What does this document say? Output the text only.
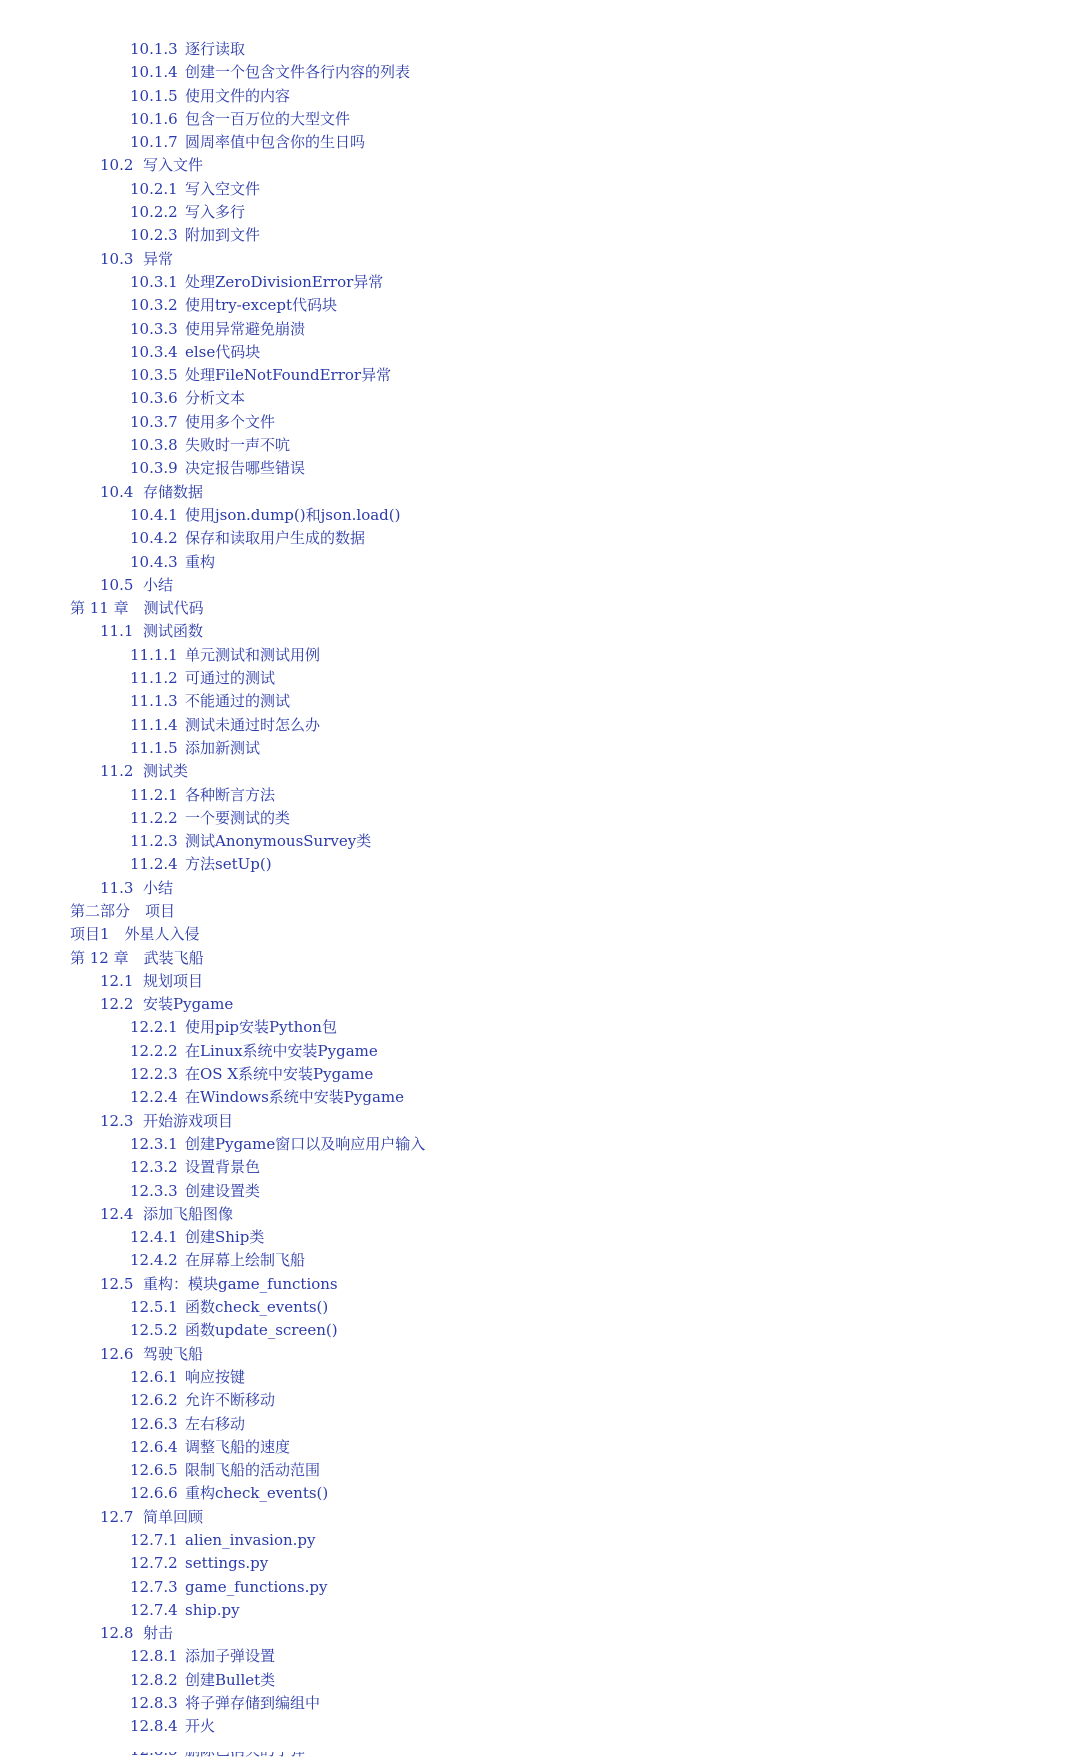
10.1.3 逐行读取
10.1.4 创建一个包含文件各行内容的列表
10.1.5 使用文件的内容
10.1.6 包含一百万位的大型文件
10.1.7 圆周率值中包含你的生日吗
10.2 写入文件
10.2.1 写入空文件
10.2.2 写入多行
10.2.3 附加到文件
10.3 异常
10.3.1 处理ZeroDivisionError异常
10.3.2 使用try-except代码块
10.3.3 使用异常避免崩溃
10.3.4 else代码块
10.3.5 处理FileNotFoundError异常
10.3.6 分析文本
10.3.7 使用多个文件
10.3.8 失败时一声不吭
10.3.9 决定报告哪些错误
10.4 存储数据
10.4.1 使用json.dump()和json.load()
10.4.2 保存和读取用户生成的数据
10.4.3 重构
10.5 小结
第 11 章　测试代码
11.1 测试函数
11.1.1 单元测试和测试用例
11.1.2 可通过的测试
11.1.3 不能通过的测试
11.1.4 测试未通过时怎么办
11.1.5 添加新测试
11.2 测试类
11.2.1 各种断言方法
11.2.2 一个要测试的类
11.2.3 测试AnonymousSurvey类
11.2.4 方法setUp()
11.3 小结
第二部分　项目
项目1　外星人入侵
第 12 章　武装飞船
12.1 规划项目
12.2 安装Pygame
12.2.1 使用pip安装Python包
12.2.2 在Linux系统中安装Pygame
12.2.3 在OS X系统中安装Pygame
12.2.4 在Windows系统中安装Pygame
12.3 开始游戏项目
12.3.1 创建Pygame窗口以及响应用户输入
12.3.2 设置背景色
12.3.3 创建设置类
12.4 添加飞船图像
12.4.1 创建Ship类
12.4.2 在屏幕上绘制飞船
12.5 重构：模块game_functions
12.5.1 函数check_events()
12.5.2 函数update_screen()
12.6 驾驶飞船
12.6.1 响应按键
12.6.2 允许不断移动
12.6.3 左右移动
12.6.4 调整飞船的速度
12.6.5 限制飞船的活动范围
12.6.6 重构check_events()
12.7 简单回顾
12.7.1 alien_invasion.py
12.7.2 settings.py
12.7.3 game_functions.py
12.7.4 ship.py
12.8 射击
12.8.1 添加子弹设置
12.8.2 创建Bullet类
12.8.3 将子弹存储到编组中
12.8.4 开火
